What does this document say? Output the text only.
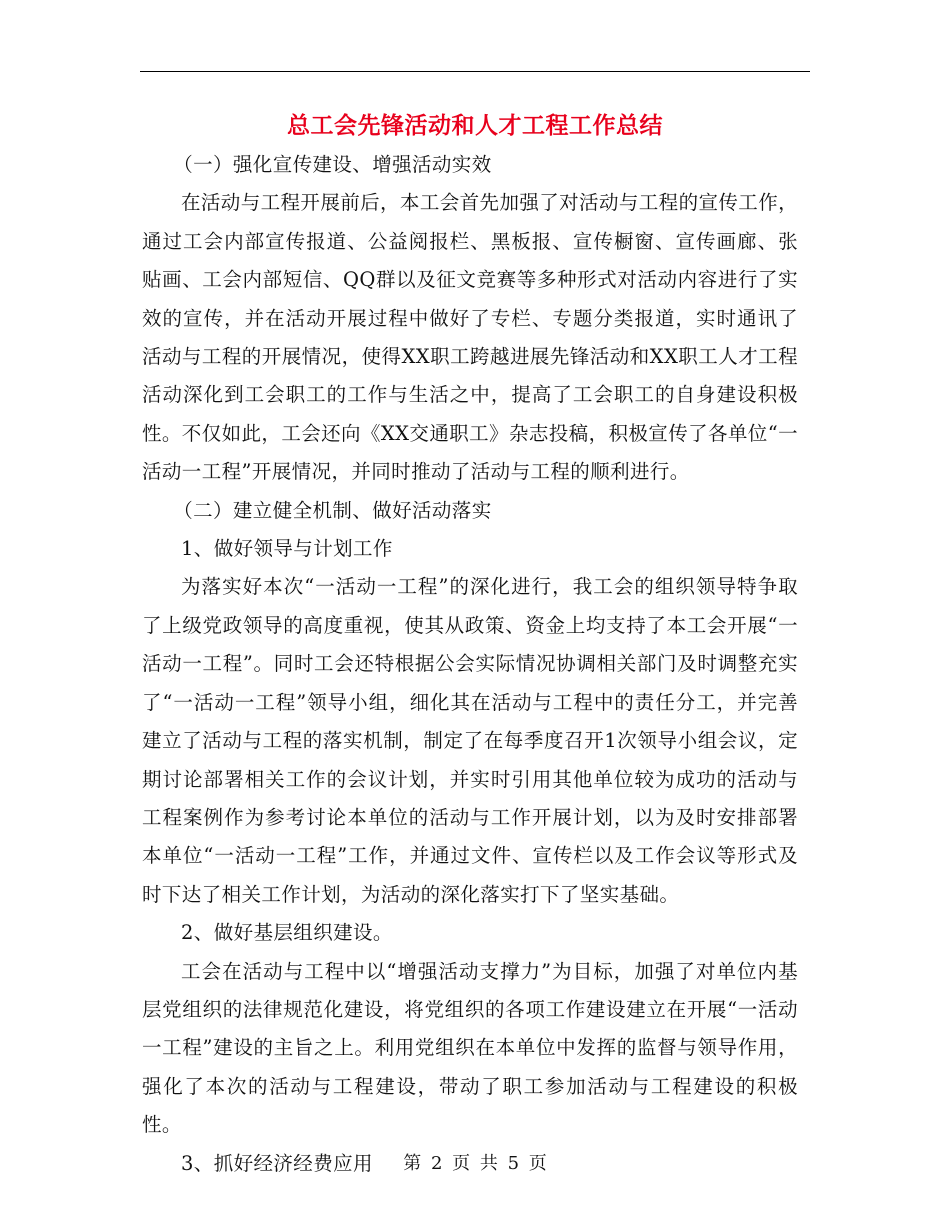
总工会先锋活动和人才工程工作总结

（一）强化宣传建设、增强活动实效

在活动与工程开展前后，本工会首先加强了对活动与工程的宣传工作，通过工会内部宣传报道、公益阅报栏、黑板报、宣传橱窗、宣传画廊、张贴画、工会内部短信、QQ群以及征文竞赛等多种形式对活动内容进行了实效的宣传，并在活动开展过程中做好了专栏、专题分类报道，实时通讯了活动与工程的开展情况，使得XX职工跨越进展先锋活动和XX职工人才工程活动深化到工会职工的工作与生活之中，提高了工会职工的自身建设积极性。不仅如此，工会还向《XX交通职工》杂志投稿，积极宣传了各单位“一活动一工程”开展情况，并同时推动了活动与工程的顺利进行。

（二）建立健全机制、做好活动落实

1、做好领导与计划工作

为落实好本次“一活动一工程”的深化进行，我工会的组织领导特争取了上级党政领导的高度重视，使其从政策、资金上均支持了本工会开展“一活动一工程”。同时工会还特根据公会实际情况协调相关部门及时调整充实了“一活动一工程”领导小组，细化其在活动与工程中的责任分工，并完善建立了活动与工程的落实机制，制定了在每季度召开1次领导小组会议，定期讨论部署相关工作的会议计划，并实时引用其他单位较为成功的活动与工程案例作为参考讨论本单位的活动与工作开展计划，以为及时安排部署本单位“一活动一工程”工作，并通过文件、宣传栏以及工作会议等形式及时下达了相关工作计划，为活动的深化落实打下了坚实基础。

2、做好基层组织建设。

工会在活动与工程中以“增强活动支撑力”为目标，加强了对单位内基层党组织的法律规范化建设，将党组织的各项工作建设建立在开展“一活动一工程”建设的主旨之上。利用党组织在本单位中发挥的监督与领导作用，强化了本次的活动与工程建设，带动了职工参加活动与工程建设的积极性。

3、抓好经济经费应用	第 2 页 共 5 页
